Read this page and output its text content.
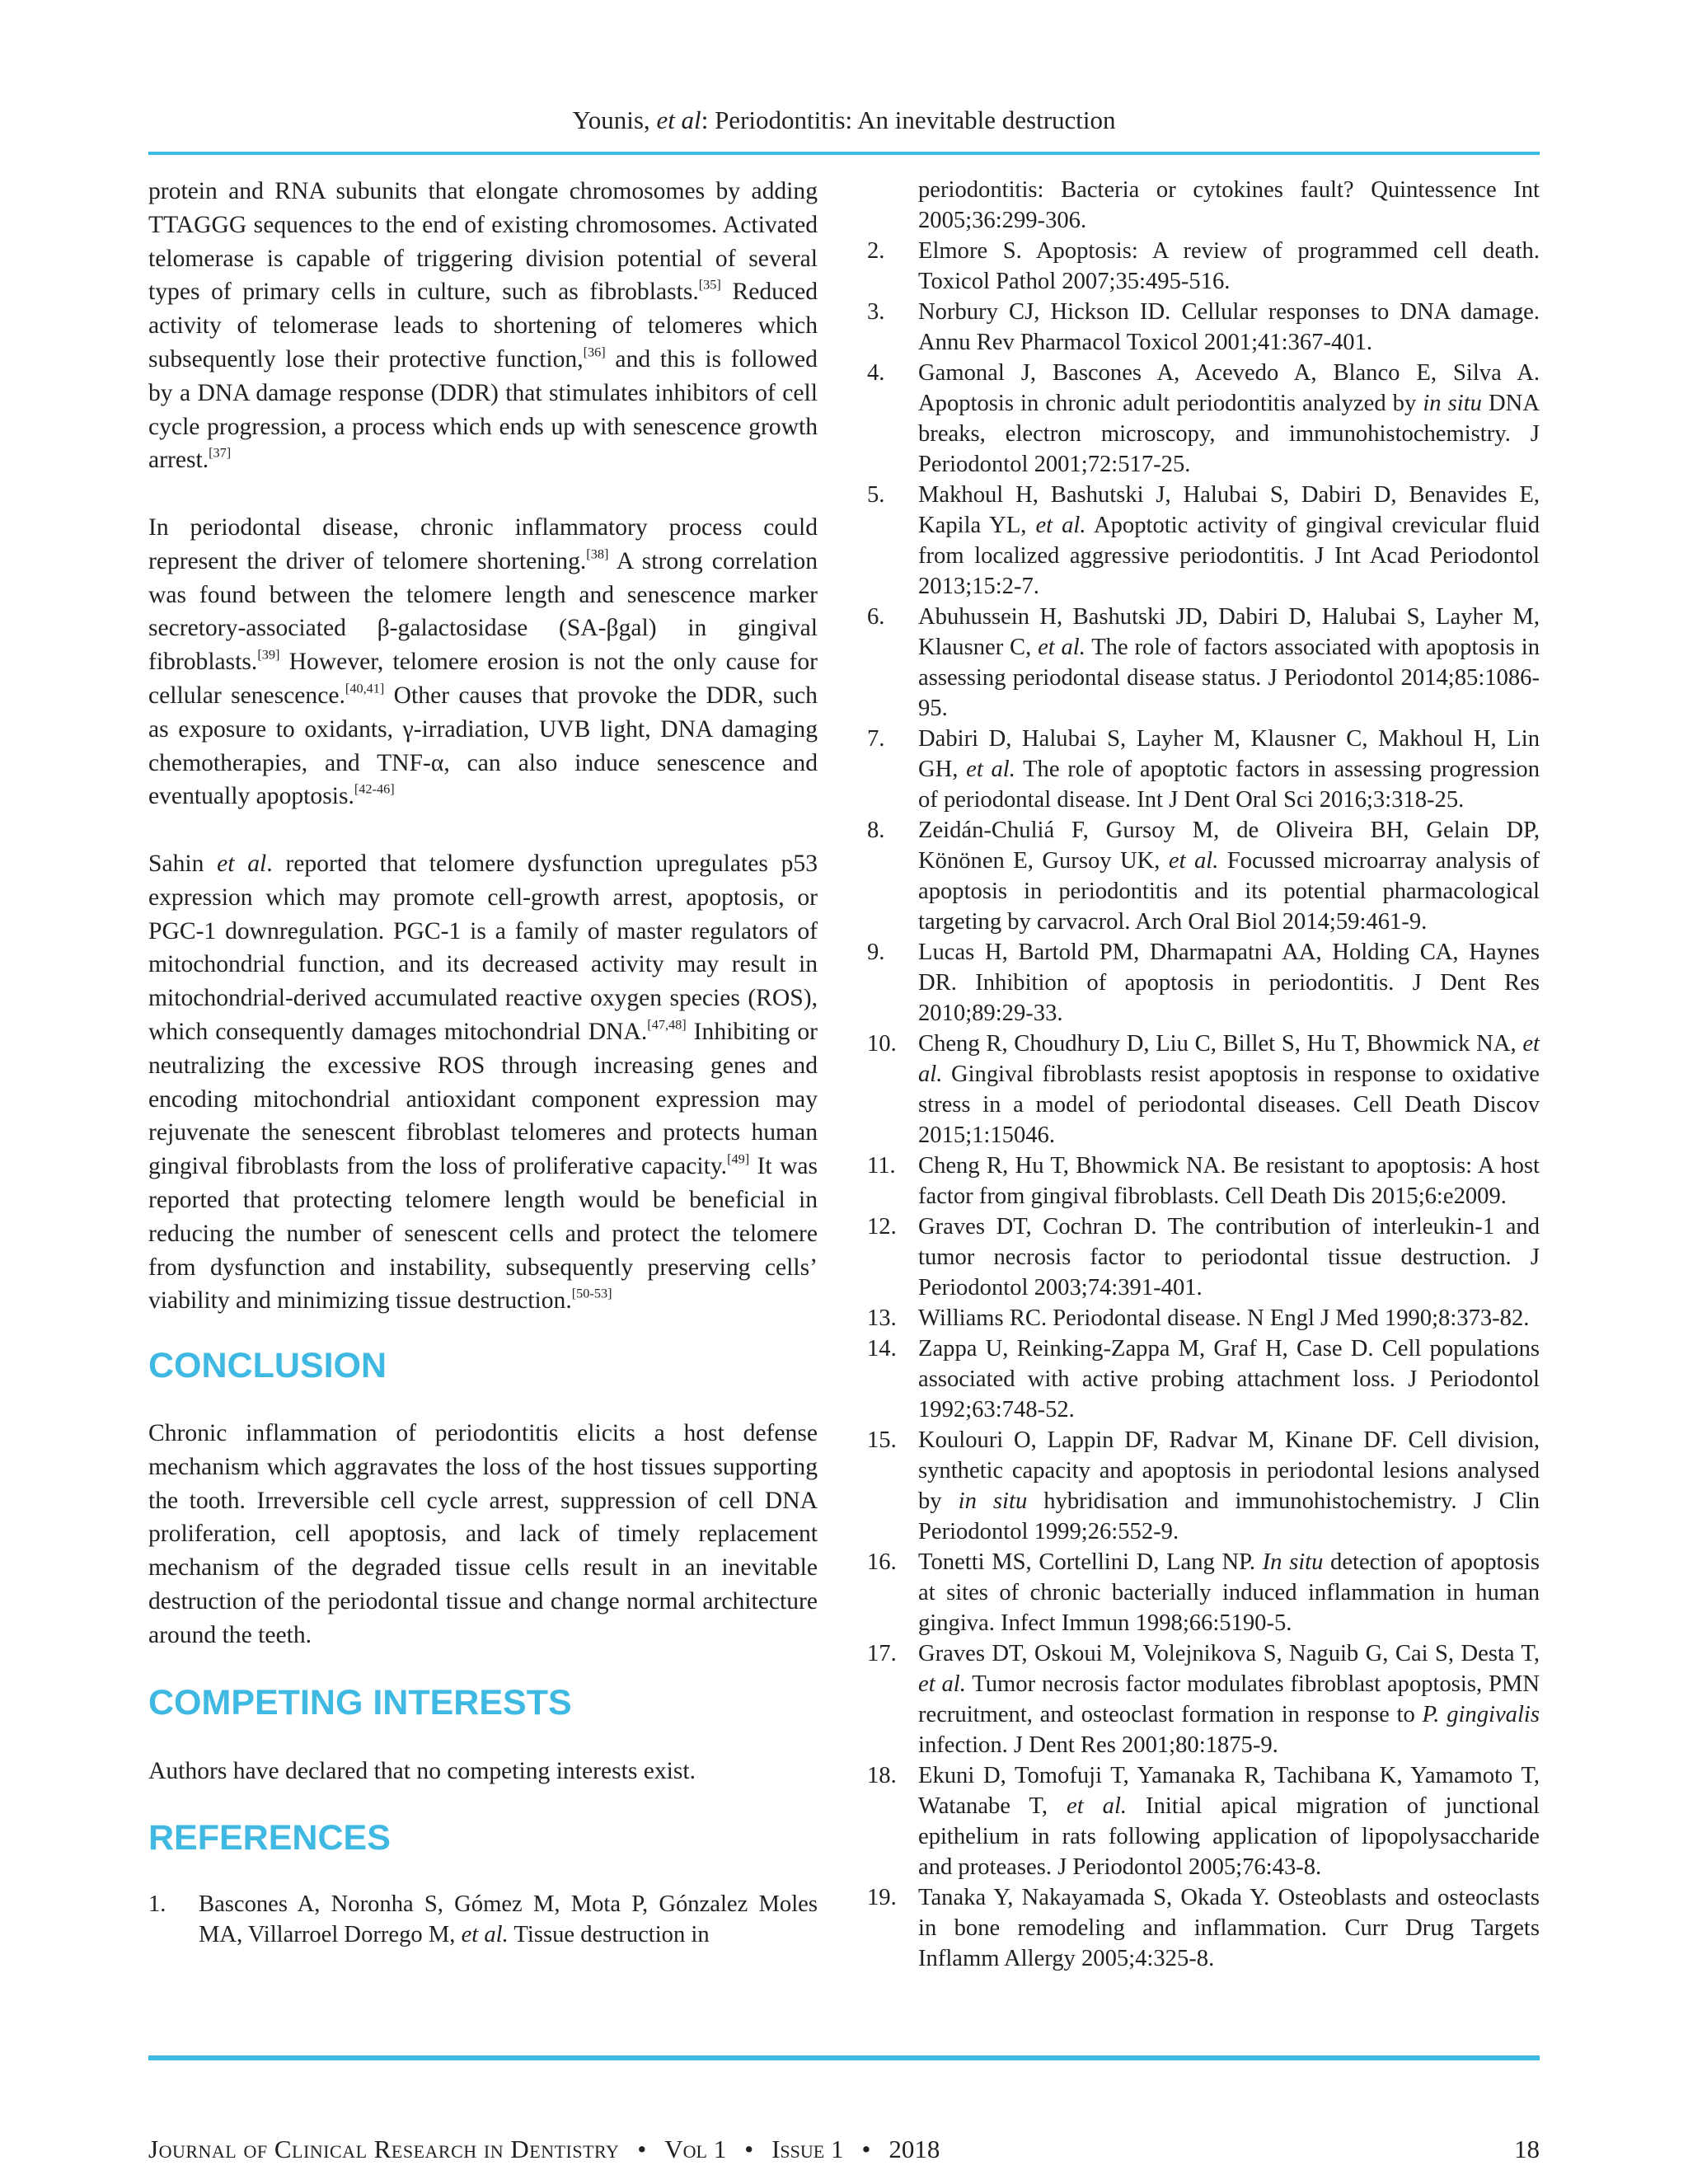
Younis, et al: Periodontitis: An inevitable destruction

protein and RNA subunits that elongate chromosomes by adding TTAGGG sequences to the end of existing chromosomes. Activated telomerase is capable of triggering division potential of several types of primary cells in culture, such as fibroblasts.[35] Reduced activity of telomerase leads to shortening of telomeres which subsequently lose their protective function,[36] and this is followed by a DNA damage response (DDR) that stimulates inhibitors of cell cycle progression, a process which ends up with senescence growth arrest.[37]

In periodontal disease, chronic inflammatory process could represent the driver of telomere shortening.[38] A strong correlation was found between the telomere length and senescence marker secretory-associated β-galactosidase (SA-βgal) in gingival fibroblasts.[39] However, telomere erosion is not the only cause for cellular senescence.[40,41] Other causes that provoke the DDR, such as exposure to oxidants, γ-irradiation, UVB light, DNA damaging chemotherapies, and TNF-α, can also induce senescence and eventually apoptosis.[42-46]

Sahin et al. reported that telomere dysfunction upregulates p53 expression which may promote cell-growth arrest, apoptosis, or PGC-1 downregulation. PGC-1 is a family of master regulators of mitochondrial function, and its decreased activity may result in mitochondrial-derived accumulated reactive oxygen species (ROS), which consequently damages mitochondrial DNA.[47,48] Inhibiting or neutralizing the excessive ROS through increasing genes and encoding mitochondrial antioxidant component expression may rejuvenate the senescent fibroblast telomeres and protects human gingival fibroblasts from the loss of proliferative capacity.[49] It was reported that protecting telomere length would be beneficial in reducing the number of senescent cells and protect the telomere from dysfunction and instability, subsequently preserving cells’ viability and minimizing tissue destruction.[50-53]

CONCLUSION

Chronic inflammation of periodontitis elicits a host defense mechanism which aggravates the loss of the host tissues supporting the tooth. Irreversible cell cycle arrest, suppression of cell DNA proliferation, cell apoptosis, and lack of timely replacement mechanism of the degraded tissue cells result in an inevitable destruction of the periodontal tissue and change normal architecture around the teeth.

COMPETING INTERESTS

Authors have declared that no competing interests exist.

REFERENCES
1. Bascones A, Noronha S, Gómez M, Mota P, Gónzalez Moles MA, Villarroel Dorrego M, et al. Tissue destruction in
periodontitis: Bacteria or cytokines fault? Quintessence Int 2005;36:299-306.
2. Elmore S. Apoptosis: A review of programmed cell death. Toxicol Pathol 2007;35:495-516.
3. Norbury CJ, Hickson ID. Cellular responses to DNA damage. Annu Rev Pharmacol Toxicol 2001;41:367-401.
4. Gamonal J, Bascones A, Acevedo A, Blanco E, Silva A. Apoptosis in chronic adult periodontitis analyzed by in situ DNA breaks, electron microscopy, and immunohistochemistry. J Periodontol 2001;72:517-25.
5. Makhoul H, Bashutski J, Halubai S, Dabiri D, Benavides E, Kapila YL, et al. Apoptotic activity of gingival crevicular fluid from localized aggressive periodontitis. J Int Acad Periodontol 2013;15:2-7.
6. Abuhussein H, Bashutski JD, Dabiri D, Halubai S, Layher M, Klausner C, et al. The role of factors associated with apoptosis in assessing periodontal disease status. J Periodontol 2014;85:1086-95.
7. Dabiri D, Halubai S, Layher M, Klausner C, Makhoul H, Lin GH, et al. The role of apoptotic factors in assessing progression of periodontal disease. Int J Dent Oral Sci 2016;3:318-25.
8. Zeidán-Chuliá F, Gursoy M, de Oliveira BH, Gelain DP, Könönen E, Gursoy UK, et al. Focussed microarray analysis of apoptosis in periodontitis and its potential pharmacological targeting by carvacrol. Arch Oral Biol 2014;59:461-9.
9. Lucas H, Bartold PM, Dharmapatni AA, Holding CA, Haynes DR. Inhibition of apoptosis in periodontitis. J Dent Res 2010;89:29-33.
10. Cheng R, Choudhury D, Liu C, Billet S, Hu T, Bhowmick NA, et al. Gingival fibroblasts resist apoptosis in response to oxidative stress in a model of periodontal diseases. Cell Death Discov 2015;1:15046.
11. Cheng R, Hu T, Bhowmick NA. Be resistant to apoptosis: A host factor from gingival fibroblasts. Cell Death Dis 2015;6:e2009.
12. Graves DT, Cochran D. The contribution of interleukin-1 and tumor necrosis factor to periodontal tissue destruction. J Periodontol 2003;74:391-401.
13. Williams RC. Periodontal disease. N Engl J Med 1990;8:373-82.
14. Zappa U, Reinking-Zappa M, Graf H, Case D. Cell populations associated with active probing attachment loss. J Periodontol 1992;63:748-52.
15. Koulouri O, Lappin DF, Radvar M, Kinane DF. Cell division, synthetic capacity and apoptosis in periodontal lesions analysed by in situ hybridisation and immunohistochemistry. J Clin Periodontol 1999;26:552-9.
16. Tonetti MS, Cortellini D, Lang NP. In situ detection of apoptosis at sites of chronic bacterially induced inflammation in human gingiva. Infect Immun 1998;66:5190-5.
17. Graves DT, Oskoui M, Volejnikova S, Naguib G, Cai S, Desta T, et al. Tumor necrosis factor modulates fibroblast apoptosis, PMN recruitment, and osteoclast formation in response to P. gingivalis infection. J Dent Res 2001;80:1875-9.
18. Ekuni D, Tomofuji T, Yamanaka R, Tachibana K, Yamamoto T, Watanabe T, et al. Initial apical migration of junctional epithelium in rats following application of lipopolysaccharide and proteases. J Periodontol 2005;76:43-8.
19. Tanaka Y, Nakayamada S, Okada Y. Osteoblasts and osteoclasts in bone remodeling and inflammation. Curr Drug Targets Inflamm Allergy 2005;4:325-8.
Journal of Clinical Research in Dentistry • Vol 1 • Issue 1 • 2018	18
